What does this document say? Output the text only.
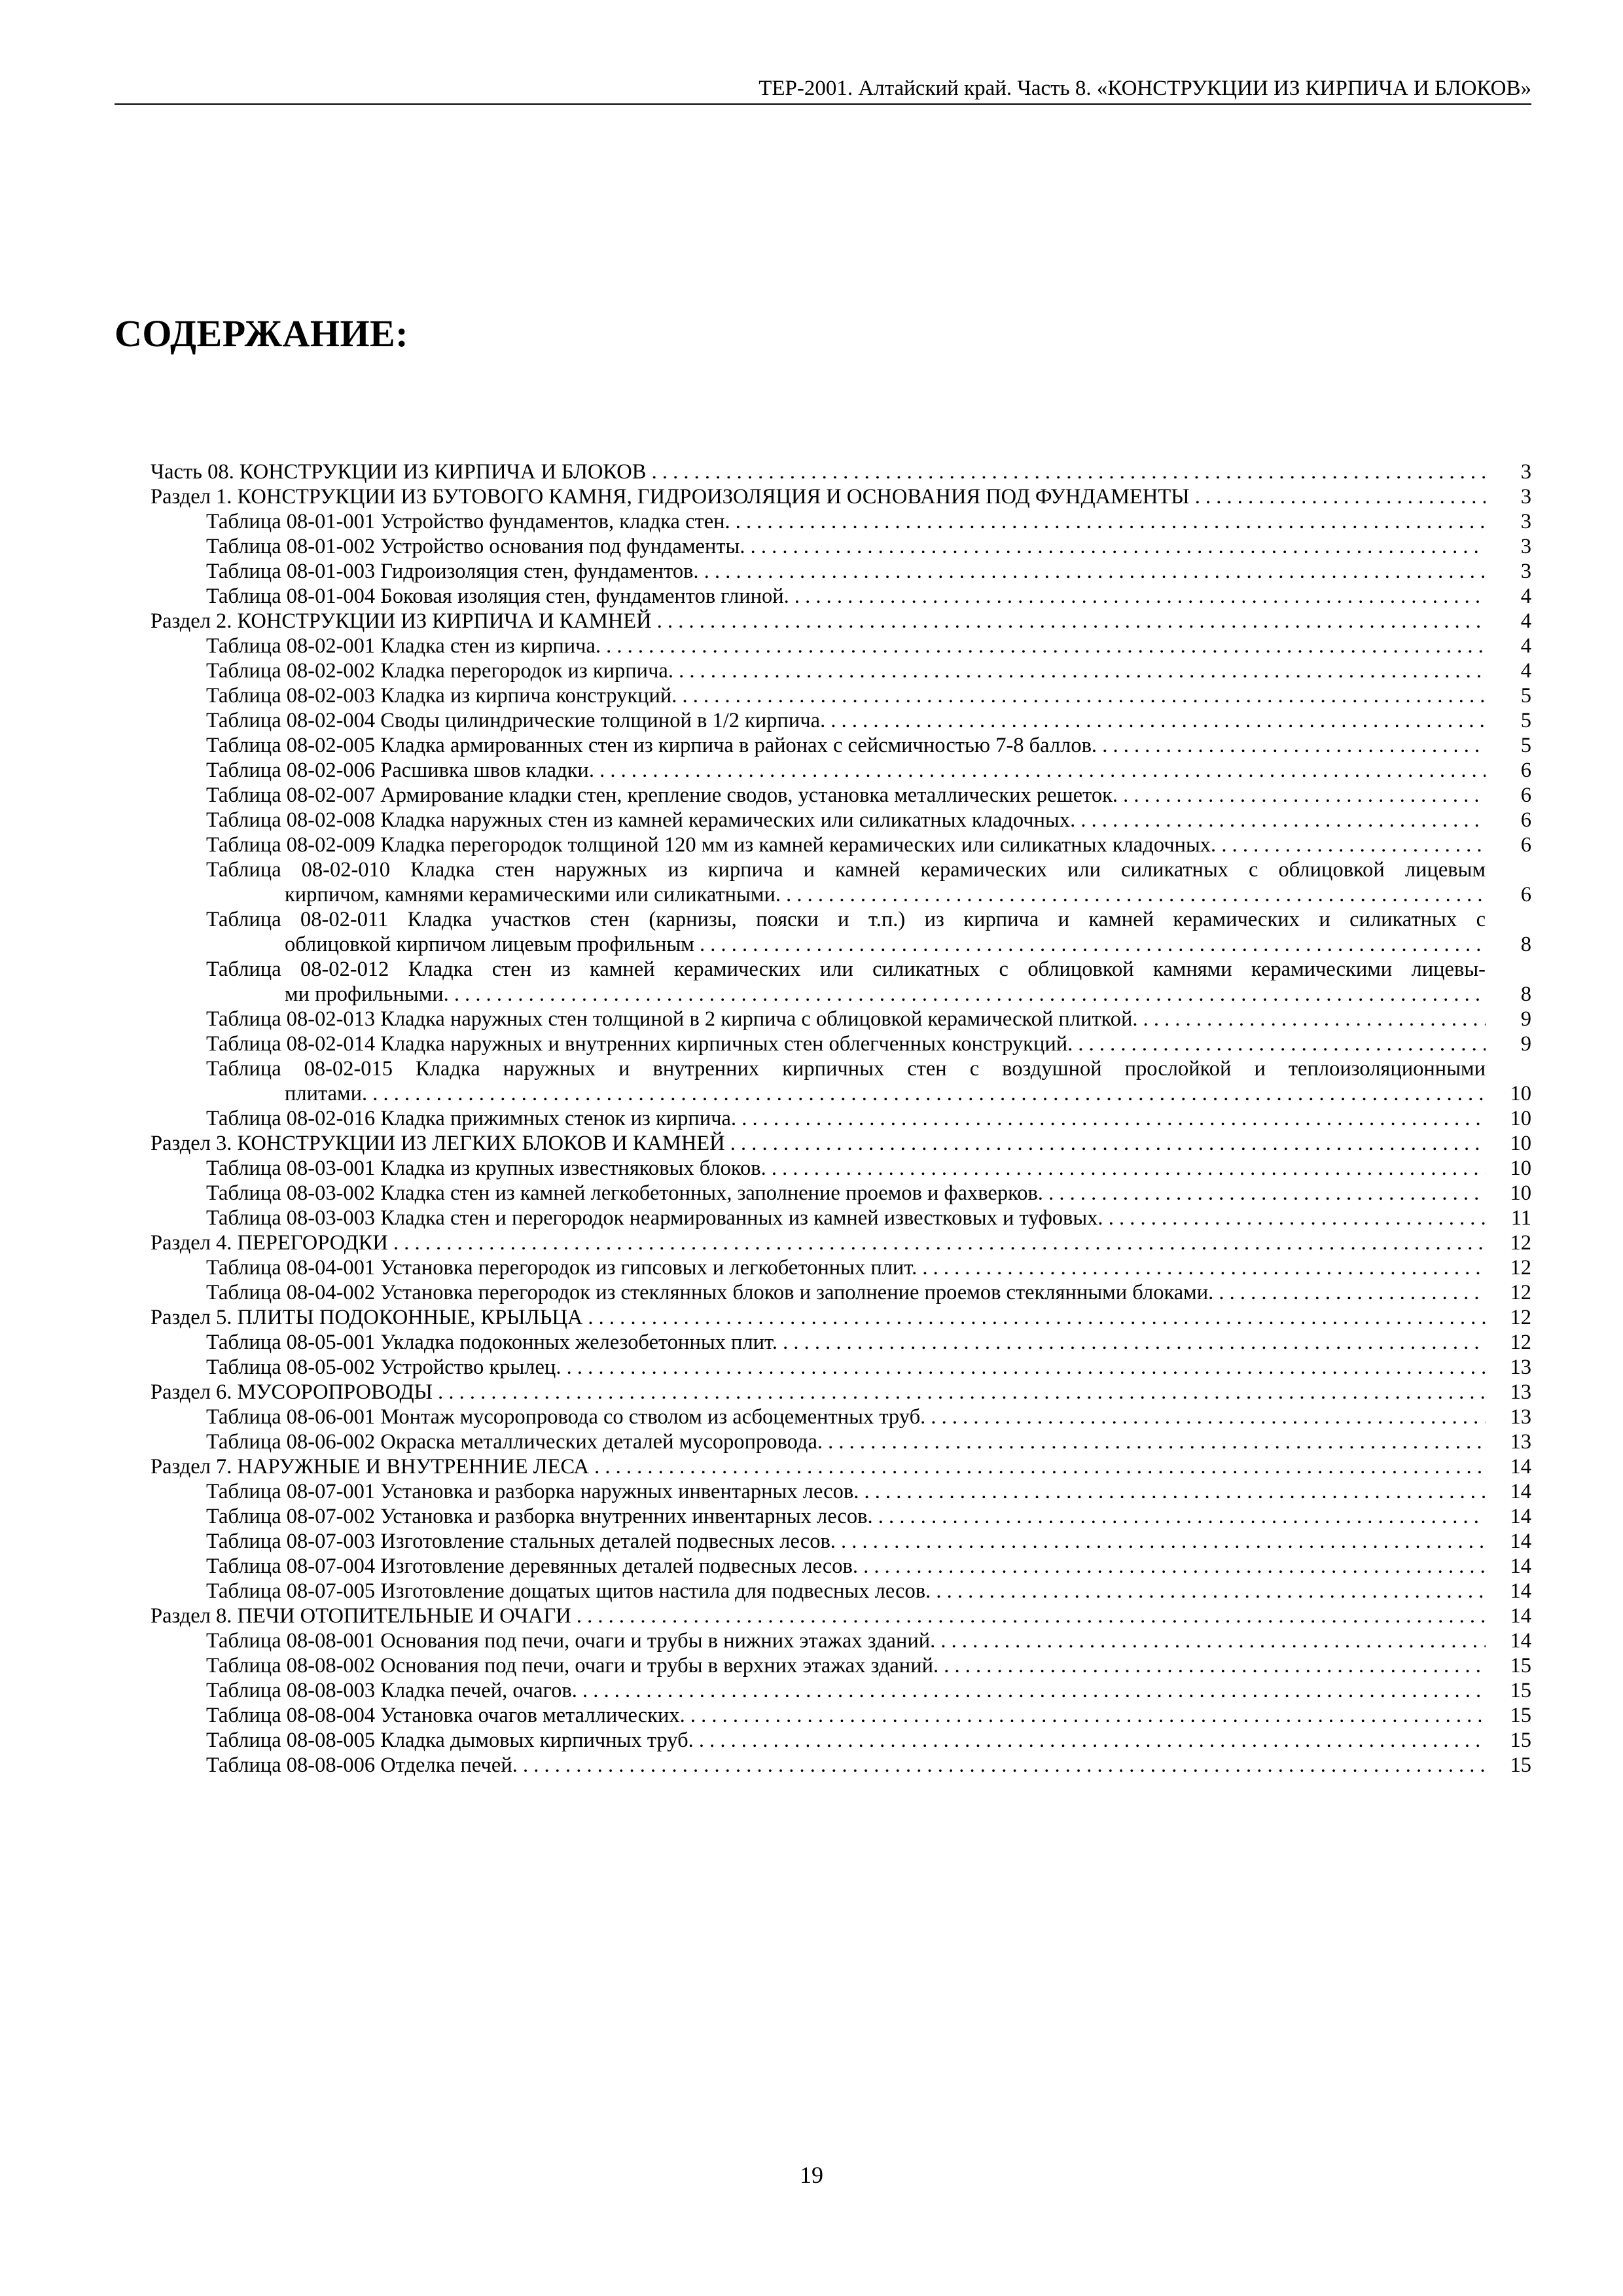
ТЕР-2001. Алтайский край. Часть 8. «КОНСТРУКЦИИ ИЗ КИРПИЧА И БЛОКОВ»
СОДЕРЖАНИЕ:
Часть 08. КОНСТРУКЦИИ ИЗ КИРПИЧА И БЛОКОВ . . .	3
Раздел 1. КОНСТРУКЦИИ ИЗ БУТОВОГО КАМНЯ, ГИДРОИЗОЛЯЦИЯ И ОСНОВАНИЯ ПОД ФУНДАМЕНТЫ . . .	3
Таблица 08-01-001 Устройство фундаментов, кладка стен. . . .	3
Таблица 08-01-002 Устройство основания под фундаменты. . . .	3
Таблица 08-01-003 Гидроизоляция стен, фундаментов. . . .	3
Таблица 08-01-004 Боковая изоляция стен, фундаментов глиной. . . .	4
Раздел 2. КОНСТРУКЦИИ ИЗ КИРПИЧА И КАМНЕЙ . . .	4
Таблица 08-02-001 Кладка стен из кирпича. . . .	4
Таблица 08-02-002 Кладка перегородок из кирпича. . . .	4
Таблица 08-02-003 Кладка из кирпича конструкций. . . .	5
Таблица 08-02-004 Своды цилиндрические толщиной в 1/2 кирпича. . . .	5
Таблица 08-02-005 Кладка армированных стен из кирпича в районах с сейсмичностью 7-8 баллов. . . .	5
Таблица 08-02-006 Расшивка швов кладки. . . .	6
Таблица 08-02-007 Армирование кладки стен, крепление сводов, установка металлических решеток. . . .	6
Таблица 08-02-008 Кладка наружных стен из камней керамических или силикатных кладочных. . . .	6
Таблица 08-02-009 Кладка перегородок толщиной 120 мм из камней керамических или силикатных кладочных. . . .	6
Таблица 08-02-010 Кладка стен наружных из кирпича и камней керамических или силикатных с облицовкой лицевым
кирпичом, камнями керамическими или силикатными. . . .	6
Таблица 08-02-011 Кладка участков стен (карнизы, пояски и т.п.) из кирпича и камней керамических и силикатных с
облицовкой кирпичом лицевым профильным . . .	8
Таблица 08-02-012 Кладка стен из камней керамических или силикатных с облицовкой камнями керамическими лицевы-
ми профильными. . . .	8
Таблица 08-02-013 Кладка наружных стен толщиной в 2 кирпича с облицовкой керамической плиткой. . . .	9
Таблица 08-02-014 Кладка наружных и внутренних кирпичных стен облегченных конструкций. . . .	9
Таблица 08-02-015 Кладка наружных и внутренних кирпичных стен с воздушной прослойкой и теплоизоляционными
плитами. . . .	10
Таблица 08-02-016 Кладка прижимных стенок из кирпича. . . .	10
Раздел 3. КОНСТРУКЦИИ ИЗ ЛЕГКИХ БЛОКОВ И КАМНЕЙ . . .	10
Таблица 08-03-001 Кладка из крупных известняковых блоков. . . .	10
Таблица 08-03-002 Кладка стен из камней легкобетонных, заполнение проемов и фахверков. . . .	10
Таблица 08-03-003 Кладка стен и перегородок неармированных из камней известковых и туфовых. . . .	11
Раздел 4. ПЕРЕГОРОДКИ . . .	12
Таблица 08-04-001 Установка перегородок из гипсовых и легкобетонных плит. . . .	12
Таблица 08-04-002 Установка перегородок из стеклянных блоков и заполнение проемов стеклянными блоками. . . .	12
Раздел 5. ПЛИТЫ ПОДОКОННЫЕ, КРЫЛЬЦА . . .	12
Таблица 08-05-001 Укладка подоконных железобетонных плит. . . .	12
Таблица 08-05-002 Устройство крылец. . . .	13
Раздел 6. МУСОРОПРОВОДЫ . . .	13
Таблица 08-06-001 Монтаж мусоропровода со стволом из асбоцементных труб. . . .	13
Таблица 08-06-002 Окраска металлических деталей мусоропровода. . . .	13
Раздел 7. НАРУЖНЫЕ И ВНУТРЕННИЕ ЛЕСА . . .	14
Таблица 08-07-001 Установка и разборка наружных инвентарных лесов. . . .	14
Таблица 08-07-002 Установка и разборка внутренних инвентарных лесов. . . .	14
Таблица 08-07-003 Изготовление стальных деталей подвесных лесов. . . .	14
Таблица 08-07-004 Изготовление деревянных деталей подвесных лесов. . . .	14
Таблица 08-07-005 Изготовление дощатых щитов настила для подвесных лесов. . . .	14
Раздел 8. ПЕЧИ ОТОПИТЕЛЬНЫЕ И ОЧАГИ . . .	14
Таблица 08-08-001 Основания под печи, очаги и трубы в нижних этажах зданий. . . .	14
Таблица 08-08-002 Основания под печи, очаги и трубы в верхних этажах зданий. . . .	15
Таблица 08-08-003 Кладка печей, очагов. . . .	15
Таблица 08-08-004 Установка очагов металлических. . . .	15
Таблица 08-08-005 Кладка дымовых кирпичных труб. . . .	15
Таблица 08-08-006 Отделка печей. . . .	15
19
